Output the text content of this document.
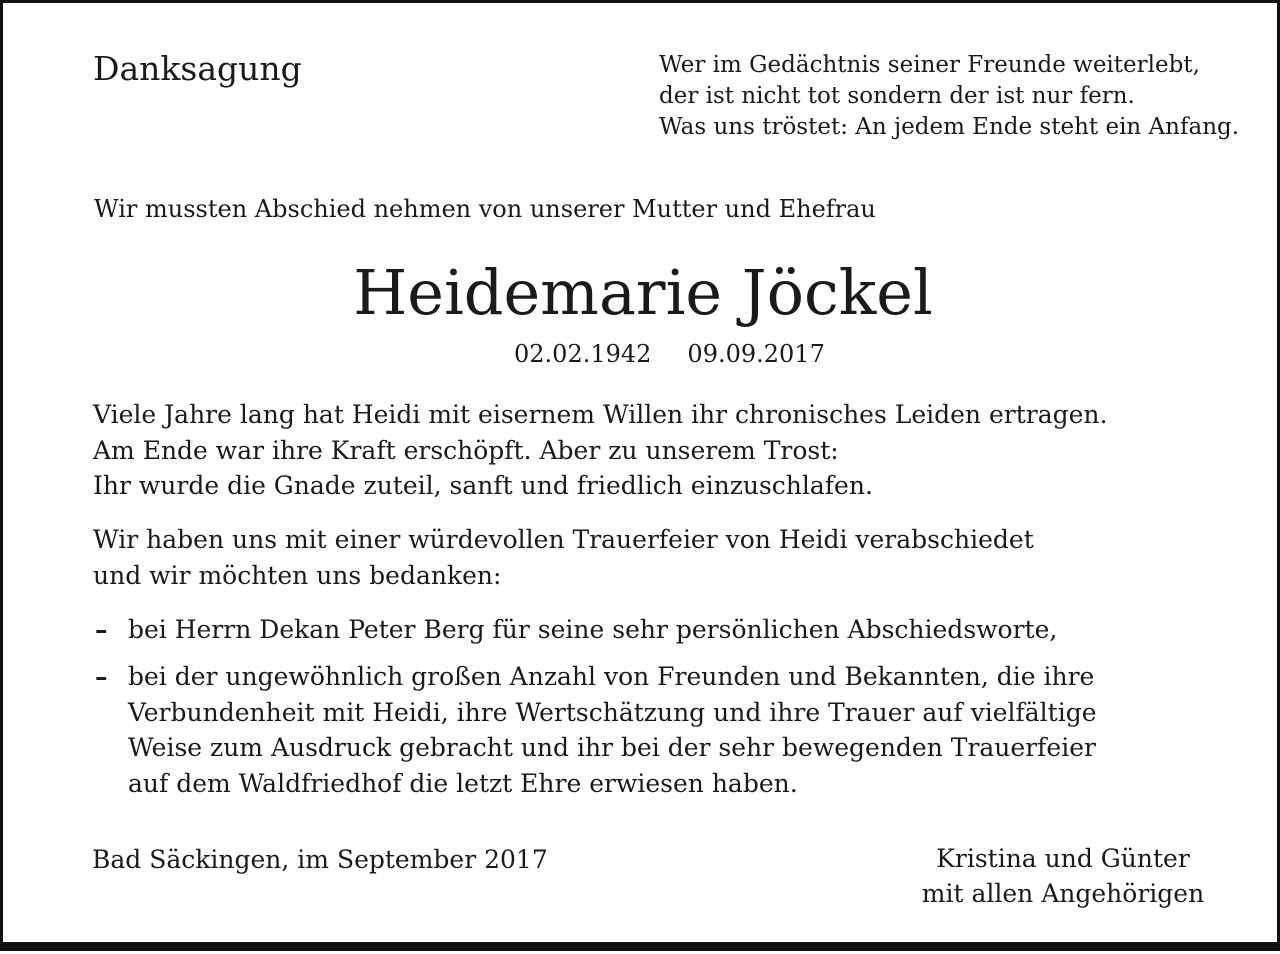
Danksagung	Wer im Gedächtnis seiner Freunde weiterlebt,
der ist nicht tot sondern der ist nur fern.
Was uns tröstet: An jedem Ende steht ein Anfang.
Wir mussten Abschied nehmen von unserer Mutter und Ehefrau
Heidemarie Jöckel
02.02.1942 09.09.2017
Viele Jahre lang hat Heidi mit eisernem Willen ihr chronisches Leiden ertragen.
Am Ende war ihre Kraft erschöpft. Aber zu unserem Trost:
Ihr wurde die Gnade zuteil, sanft und friedlich einzuschlafen.
Wir haben uns mit einer würdevollen Trauerfeier von Heidi verabschiedet
und wir möchten uns bedanken:
– bei Herrn Dekan Peter Berg für seine sehr persönlichen Abschiedsworte,
– bei der ungewöhnlich großen Anzahl von Freunden und Bekannten, die ihre
Verbundenheit mit Heidi, ihre Wertschätzung und ihre Trauer auf vielfältige
Weise zum Ausdruck gebracht und ihr bei der sehr bewegenden Trauerfeier
auf dem Waldfriedhof die letzt Ehre erwiesen haben.
Bad Säckingen, im September 2017	Kristina und Günter
mit allen Angehörigen
